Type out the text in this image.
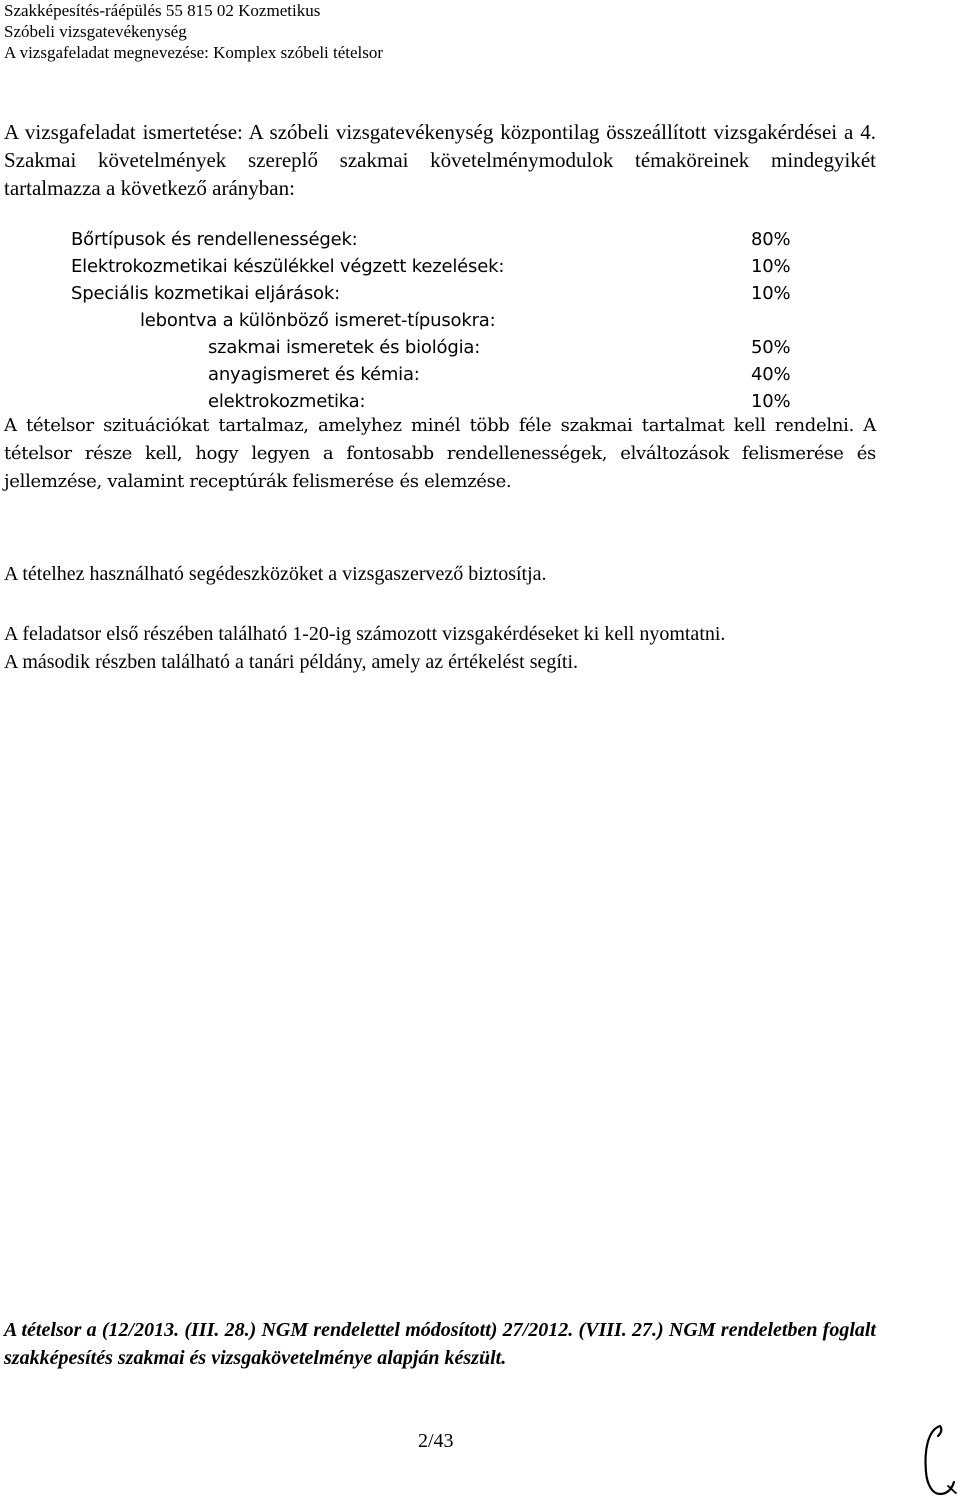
Szakképesítés-ráépülés 55 815 02 Kozmetikus
Szóbeli vizsgatevékenység
A vizsgafeladat megnevezése: Komplex szóbeli tételsor
A vizsgafeladat ismertetése: A szóbeli vizsgatevékenység központilag összeállított vizsgakérdései a 4. Szakmai követelmények szereplő szakmai követelménymodulok témaköreinek mindegyikét tartalmazza a következő arányban:
Bőrtípusok és rendellenességek:	80%
Elektrokozmetikai készülékkel végzett kezelések:	10%
Speciális kozmetikai eljárások:	10%
lebontva a különböző ismeret-típusokra:
szakmai ismeretek és biológia:	50%
anyagismeret és kémia:	40%
elektrokozmetika:	10%
A tételsor szituációkat tartalmaz, amelyhez minél több féle szakmai tartalmat kell rendelni. A tételsor része kell, hogy legyen a fontosabb rendellenességek, elváltozások felismerése és jellemzése, valamint receptúrák felismerése és elemzése.
A tételhez használható segédeszközöket a vizsgaszervező biztosítja.
A feladatsor első részében található 1-20-ig számozott vizsgakérdéseket ki kell nyomtatni.
A második részben található a tanári példány, amely az értékelést segíti.
A tételsor a (12/2013. (III. 28.) NGM rendelettel módosított) 27/2012. (VIII. 27.) NGM rendeletben foglalt szakképesítés szakmai és vizsgakövetelménye alapján készült.
2/43
